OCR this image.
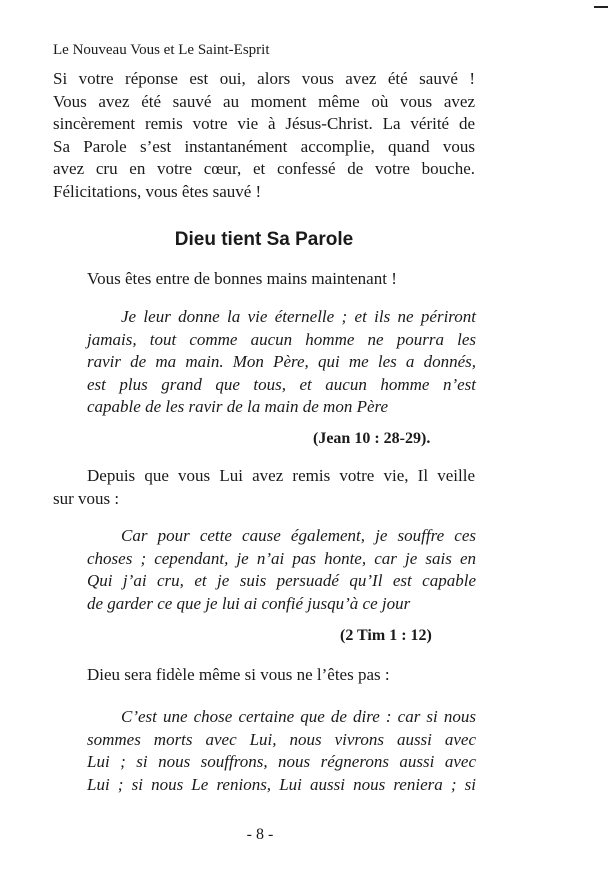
Le Nouveau Vous et Le Saint-Esprit
Si votre réponse est oui, alors vous avez été sauvé !
Vous avez été sauvé au moment même où vous avez
sincèrement remis votre vie à Jésus-Christ. La vérité de
Sa Parole s’est instantanément accomplie, quand vous
avez cru en votre cœur, et confessé de votre bouche.
Félicitations, vous êtes sauvé !
Dieu tient Sa Parole
Vous êtes entre de bonnes mains maintenant !
Je leur donne la vie éternelle ; et ils ne périront
jamais, tout comme aucun homme ne pourra les
ravir de ma main. Mon Père, qui me les a donnés,
est plus grand que tous, et aucun homme n’est
capable de les ravir de la main de mon Père
(Jean 10 : 28-29).
Depuis que vous Lui avez remis votre vie, Il veille
sur vous :
Car pour cette cause également, je souffre ces
choses ; cependant, je n’ai pas honte, car je sais en
Qui j’ai cru, et je suis persuadé qu’Il est capable
de garder ce que je lui ai confié jusqu’à ce jour
(2 Tim 1 : 12)
Dieu sera fidèle même si vous ne l’êtes pas :
C’est une chose certaine que de dire : car si nous
sommes morts avec Lui, nous vivrons aussi avec
Lui ; si nous souffrons, nous régnerons aussi avec
Lui ; si nous Le renions, Lui aussi nous reniera ; si
- 8 -
